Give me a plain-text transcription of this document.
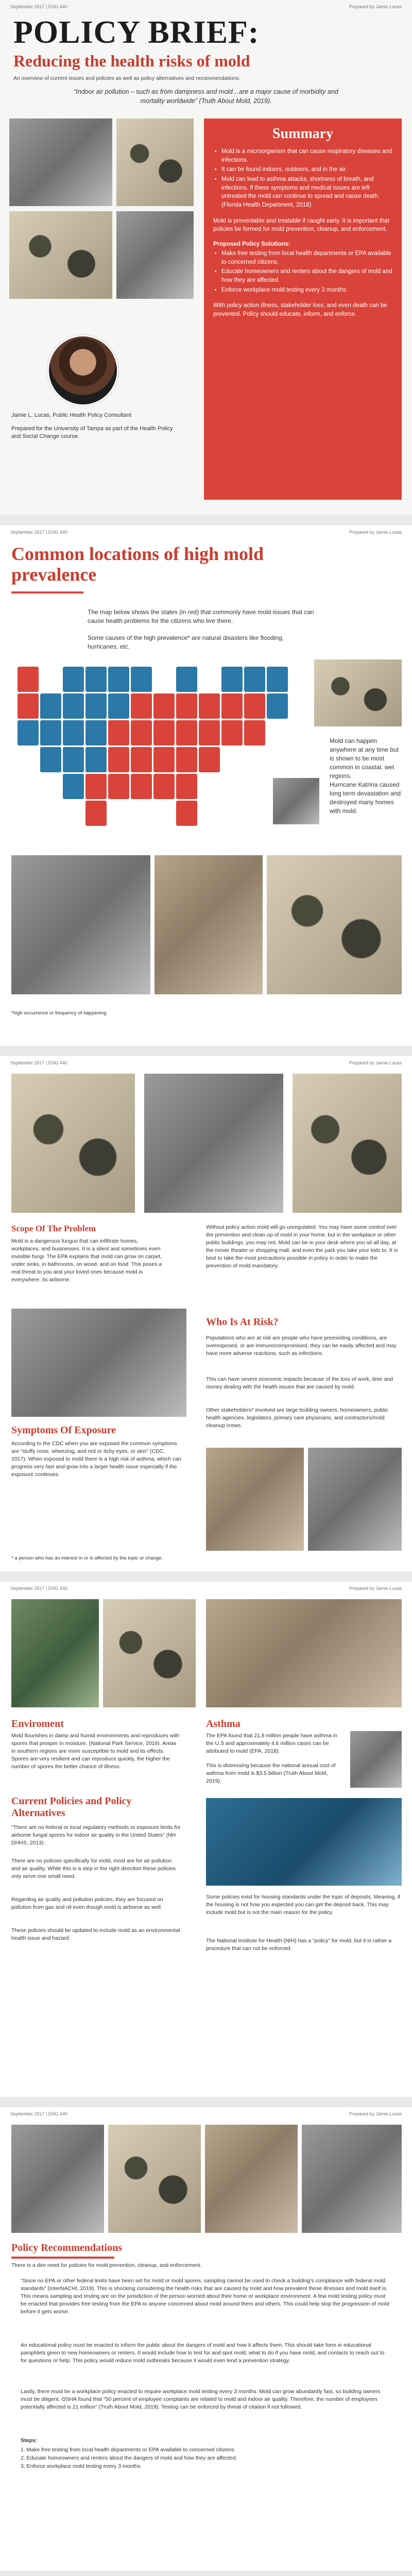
September 2017 | ENG 440	Prepared by Jamie Lucas
POLICY BRIEF:
Reducing the health risks of mold
An overview of current issues and policies as well as policy alternatives and recommendations.
“Indoor air pollution – such as from dampness and mold…are a major cause of morbidity and mortality worldwide” (Truth About Mold, 2019).
Jamie L. Lucas, Public Health Policy Consultant
Prepared for the University of Tampa as part of the Health Policy and Social Change course.
Summary
• Mold is a microorganism that can cause respiratory diseases and infections.
• It can be found indoors, outdoors, and in the air.
• Mold can lead to asthma attacks, shortness of breath, and infections. If these symptoms and medical issues are left untreated the mold can continue to spread and cause death. (Florida Health Department, 2018).

Mold is preventable and treatable if caught early. It is important that policies be formed for mold prevention, cleanup, and enforcement.

Proposed Policy Solutions:
• Make free testing from local health departments or EPA available to concerned citizens.
• Educate homeowners and renters about the dangers of mold and how they are affected.
• Enforce workplace mold testing every 3 months.

With policy action illness, stakeholder loss, and even death can be prevented. Policy should educate, inform, and enforce.

September 2017 | ENG 440	Prepared by Jamie Lucas
Common locations of high mold prevalence
The map below shows the states (in red) that commonly have mold issues that can cause health problems for the citizens who live there.
Some causes of the high prevalence* are natural disasters like flooding, hurricanes, etc.
Mold can happen anywhere at any time but is shown to be most common in coastal, wet regions.
Hurricane Katrina caused long term devastation and destroyed many homes with mold.
*high occurrence or frequency of happening.
September 2017 | ENG 440	Prepared by Jamie Lucas
Scope Of The Problem
Mold is a dangerous fungus that can infiltrate homes, workplaces, and businesses. It is a silent and sometimes even invisible fungi. The EPA explains that mold can grow on carpet, under sinks, in bathrooms, on wood, and on food. This poses a real threat to you and your loved ones because mold is everywhere, its airborne.
Without policy action mold will go unregulated. You may have some control over the prevention and clean up of mold in your home, but in the workplace or other public buildings, you may not. Mold can be in your desk where you sit all day, at the movie theater or shopping mall, and even the park you take your kids to. It is best to take the most precautions possible in policy in order to make the prevention of mold mandatory.
Who Is At Risk?
Populations who are at risk are people who have preexisting conditions, are overexposed, or are immunocompromised, they can be easily affected and may have more adverse reactions, such as infections.
This can have severe economic impacts because of the loss of work, time and money dealing with the health issues that are caused by mold.
Other stakeholders* involved are large building owners, homeowners, public health agencies, legislators, primary care physicians, and contractors/mold cleanup crews.
Symptoms Of Exposure
According to the CDC when you are exposed the common symptoms are “stuffy nose, wheezing, and red or itchy eyes, or skin” (CDC, 2017). When exposed to mold there is a high risk of asthma, which can progress very fast and grow into a larger health issue especially if the exposure continues.
* a person who has an interest in or is affected by the topic or change.
September 2017 | ENG 440	Prepared by Jamie Lucas
Enviroment
Mold flourishes in damp and humid environments and reproduces with spores that prosper in moisture. (National Park Service, 2016). Areas in southern regions are more susceptible to mold and its effects. Spores are very resilient and can reproduce quickly, the higher the number of spores the better chance of illness.
Asthma
The EPA found that 21.8 million people have asthma in the U.S and approximately 4.6 million cases can be attributed to mold (EPA, 2018).
This is distressing because the national annual cost of asthma from mold is $3.5 billion (Truth About Mold, 2019).
Current Policies and Policy Alternatives
“There are no federal or local regulatory methods or exposure limits for airborne fungal spores for indoor air quality in the United States” (NH DHHS, 2013).
There are no policies specifically for mold, most are for air pollution and air quality. While this is a step in the right direction these policies only serve one small need.
Regarding air quality and pollution policies, they are focused on pollution from gas and oil even though mold is airborne as well.
These policies should be updated to include mold as an environmental health issue and hazard.
Some policies exist for housing standards under the topic of deposits. Meaning, if the housing is not how you expected you can get the deposit back. This may include mold but is not the main reason for the policy.
The National Institute for Health (NIH) has a “policy” for mold, but it is rather a procedure that can not be enforced.
September 2017 | ENG 440	Prepared by Jamie Lucas
Policy Recommendations
There is a dire need for policies for mold prevention, cleanup, and enforcement.
“Since no EPA or other federal limits have been set for mold or mold spores, sampling cannot be used to check a building’s compliance with federal mold standards” (InterNACHI, 2019). This is shocking considering the health risks that are caused by mold and how prevalent these illnesses and mold itself is. This means sampling and testing are on the jurisdiction of the person worried about their home or workplace environment. A few mold testing policy must be enacted that provides free testing from the EPA to anyone concerned about mold around them and others. This could help stop the progression of mold before it gets worse.
An educational policy must be enacted to inform the public about the dangers of mold and how it affects them. This should take form in educational pamphlets given to new homeowners or renters. It would include how to test for and spot mold, what to do if you have mold, and contacts to reach out to for questions or help. This policy would reduce mold outbreaks because it would even lend a prevention strategy.
Lastly, there must be a workplace policy enacted to require workplace mold testing every 3 months. Mold can grow abundantly fast, so building owners must be diligent. OSHA found that “50 percent of employee complaints are related to mold and indoor air quality. Therefore, the number of employees potentially affected is 21 million” (Truth About Mold, 2019). Testing can be enforced by threat of citation if not followed.
Steps:
1. Make free testing from local health departments or EPA available to concerned citizens.
2. Educate homeowners and renters about the dangers of mold and how they are affected.
3. Enforce workplace mold testing every 3 months.
